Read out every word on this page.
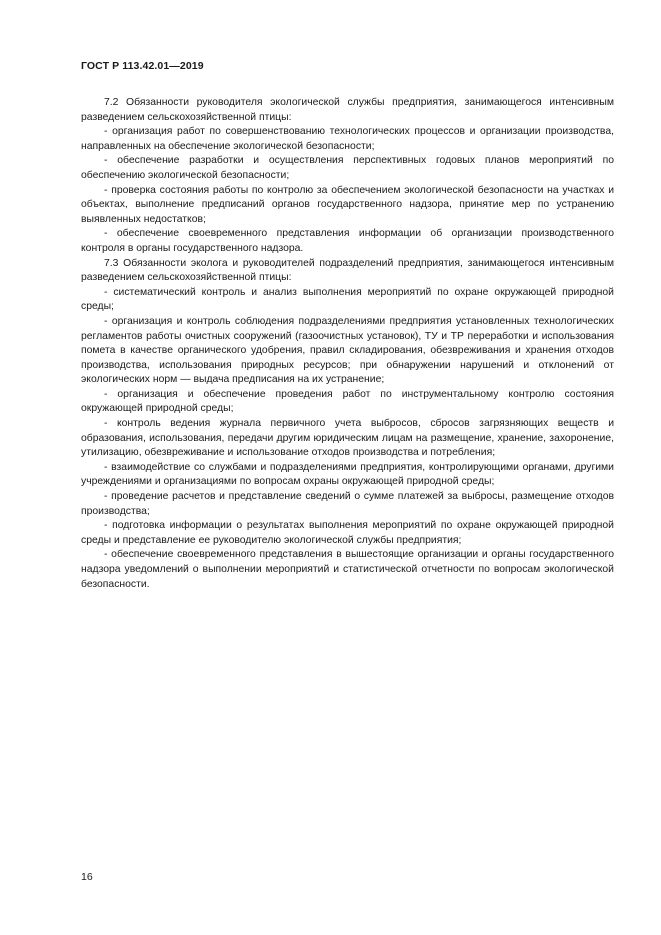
ГОСТ Р 113.42.01—2019

7.2 Обязанности руководителя экологической службы предприятия, занимающегося интенсивным разведением сельскохозяйственной птицы:

- организация работ по совершенствованию технологических процессов и организации производства, направленных на обеспечение экологической безопасности;

- обеспечение разработки и осуществления перспективных годовых планов мероприятий по обеспечению экологической безопасности;

- проверка состояния работы по контролю за обеспечением экологической безопасности на участках и объектах, выполнение предписаний органов государственного надзора, принятие мер по устранению выявленных недостатков;

- обеспечение своевременного представления информации об организации производственного контроля в органы государственного надзора.

7.3 Обязанности эколога и руководителей подразделений предприятия, занимающегося интенсивным разведением сельскохозяйственной птицы:

- систематический контроль и анализ выполнения мероприятий по охране окружающей природной среды;

- организация и контроль соблюдения подразделениями предприятия установленных технологических регламентов работы очистных сооружений (газоочистных установок), ТУ и ТР переработки и использования помета в качестве органического удобрения, правил складирования, обезвреживания и хранения отходов производства, использования природных ресурсов; при обнаружении нарушений и отклонений от экологических норм — выдача предписания на их устранение;

- организация и обеспечение проведения работ по инструментальному контролю состояния окружающей природной среды;

- контроль ведения журнала первичного учета выбросов, сбросов загрязняющих веществ и образования, использования, передачи другим юридическим лицам на размещение, хранение, захоронение, утилизацию, обезвреживание и использование отходов производства и потребления;

- взаимодействие со службами и подразделениями предприятия, контролирующими органами, другими учреждениями и организациями по вопросам охраны окружающей природной среды;

- проведение расчетов и представление сведений о сумме платежей за выбросы, размещение отходов производства;

- подготовка информации о результатах выполнения мероприятий по охране окружающей природной среды и представление ее руководителю экологической службы предприятия;

- обеспечение своевременного представления в вышестоящие организации и органы государственного надзора уведомлений о выполнении мероприятий и статистической отчетности по вопросам экологической безопасности.

16
